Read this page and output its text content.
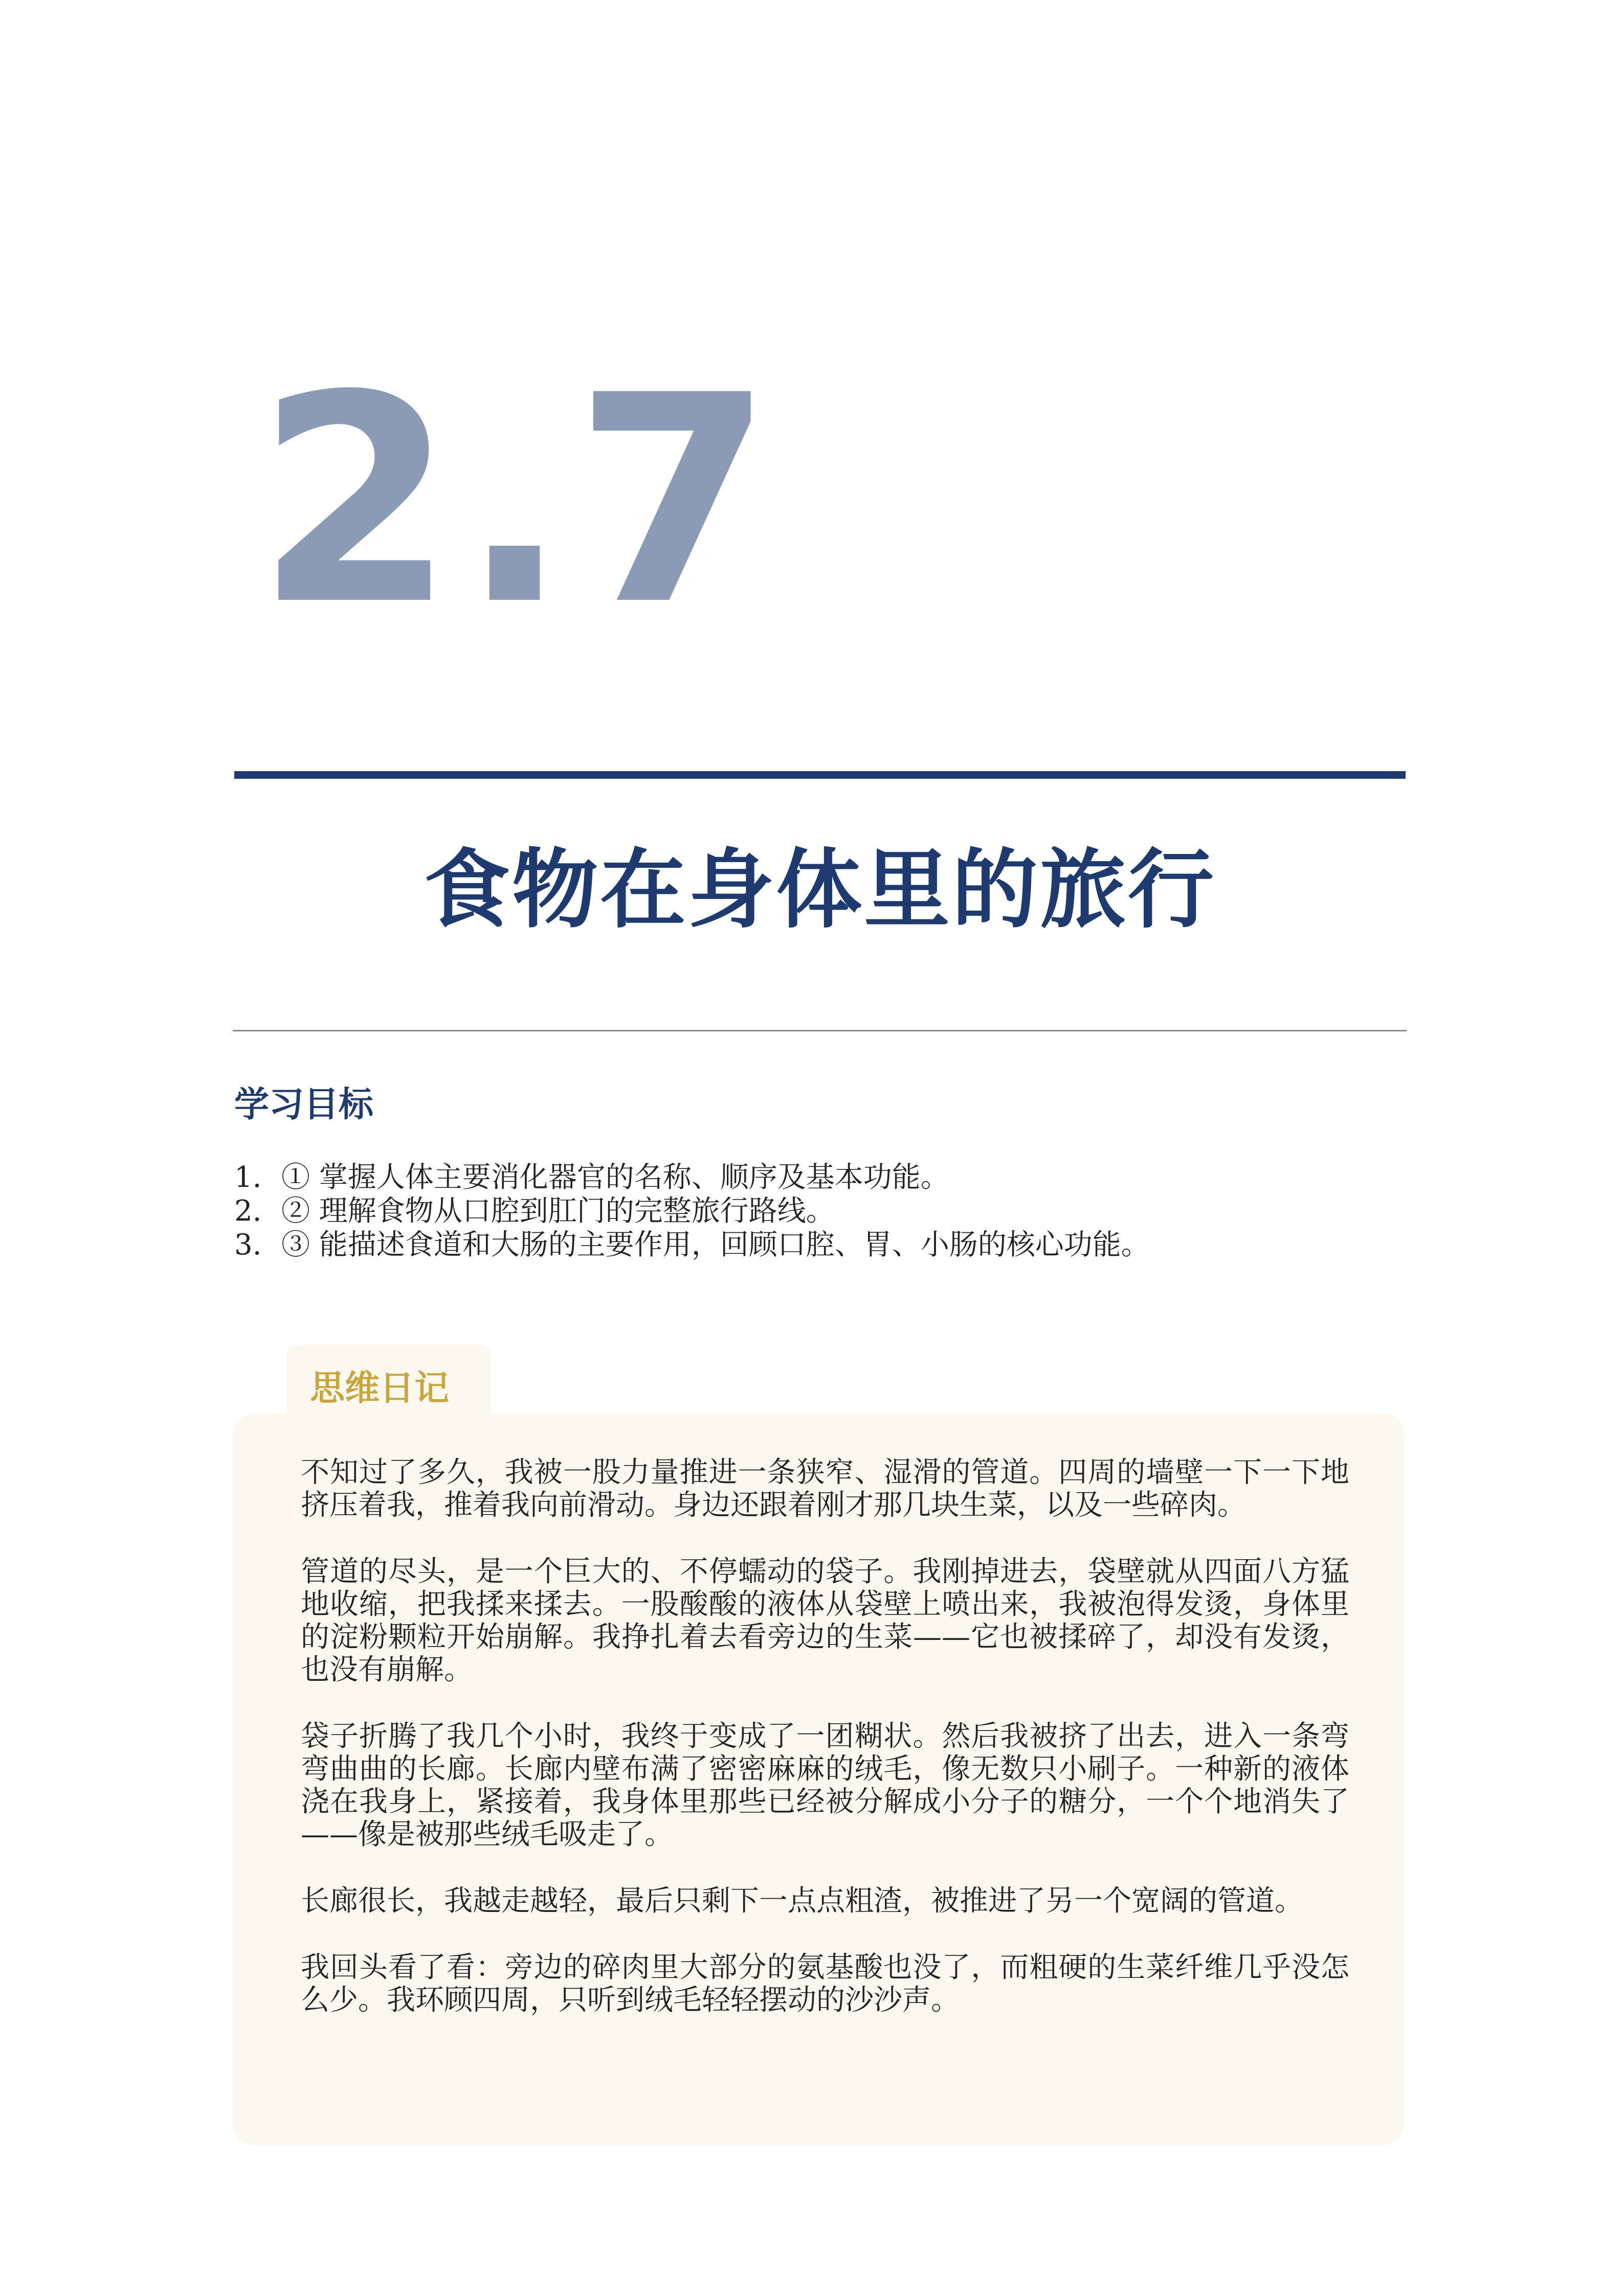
2.7
食物在身体里的旅行
学习目标
1. ① 掌握人体主要消化器官的名称、顺序及基本功能。
2. ② 理解食物从口腔到肛门的完整旅行路线。
3. ③ 能描述食道和大肠的主要作用，回顾口腔、胃、小肠的核心功能。
思维日记

不知过了多久，我被一股力量推进一条狭窄、湿滑的管道。四周的墙壁一下一下地挤压着我，推着我向前滑动。身边还跟着刚才那几块生菜，以及一些碎肉。

管道的尽头，是一个巨大的、不停蠕动的袋子。我刚掉进去，袋壁就从四面八方猛地收缩，把我揉来揉去。一股酸酸的液体从袋壁上喷出来，我被泡得发烫，身体里的淀粉颗粒开始崩解。我挣扎着去看旁边的生菜——它也被揉碎了，却没有发烫，也没有崩解。

袋子折腾了我几个小时，我终于变成了一团糊状。然后我被挤了出去，进入一条弯弯曲曲的长廊。长廊内壁布满了密密麻麻的绒毛，像无数只小刷子。一种新的液体浇在我身上，紧接着，我身体里那些已经被分解成小分子的糖分，一个个地消失了——像是被那些绒毛吸走了。

长廊很长，我越走越轻，最后只剩下一点点粗渣，被推进了另一个宽阔的管道。

我回头看了看：旁边的碎肉里大部分的氨基酸也没了，而粗硬的生菜纤维几乎没怎么少。我环顾四周，只听到绒毛轻轻摆动的沙沙声。
